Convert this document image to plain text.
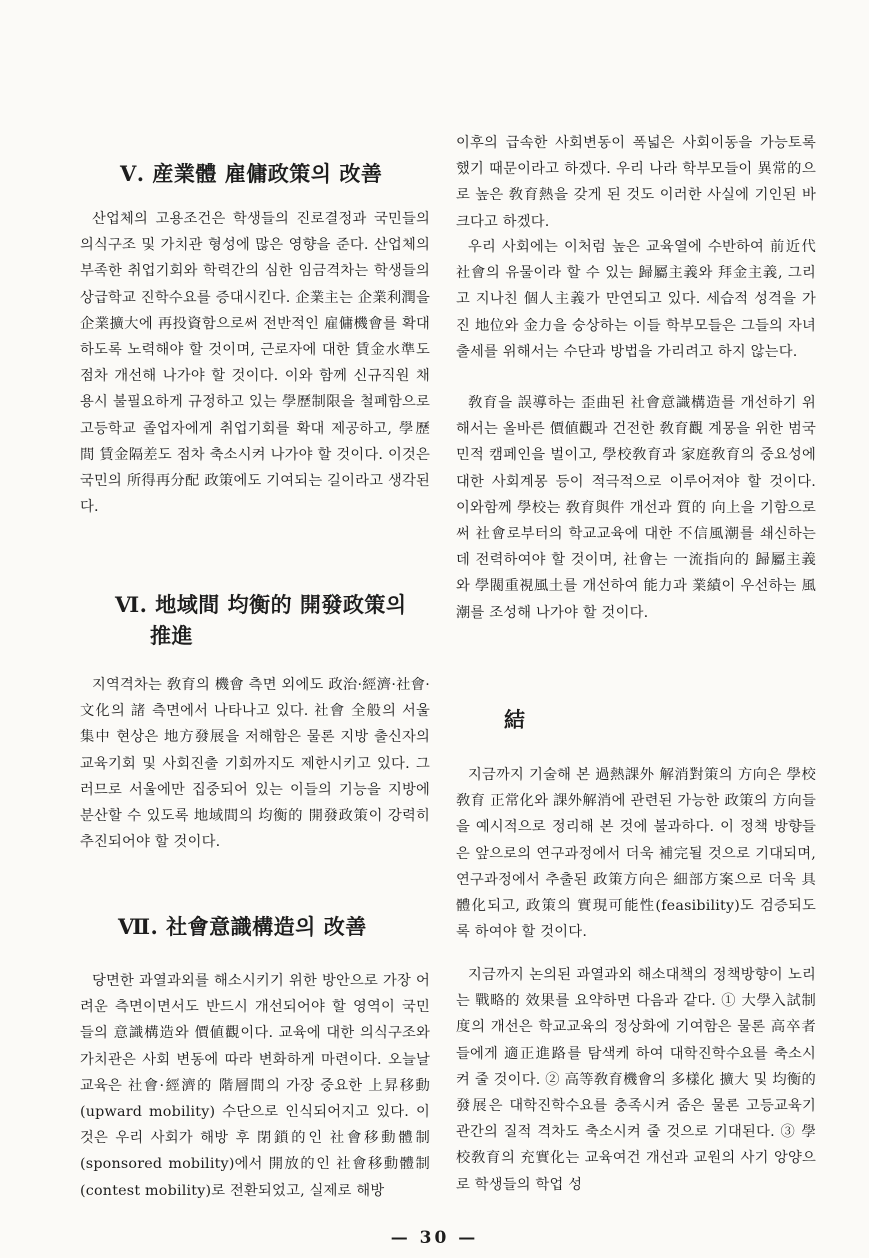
Ⅴ. 産業體 雇傭政策의 改善

산업체의 고용조건은 학생들의 진로결정과 국민들의 의식구조 및 가치관 형성에 많은 영향을 준다. 산업체의 부족한 취업기회와 학력간의 심한 임금격차는 학생들의 상급학교 진학수요를 증대시킨다. 企業主는 企業利潤을 企業擴大에 再投資함으로써 전반적인 雇傭機會를 확대하도록 노력해야 할 것이며, 근로자에 대한 賃金水準도 점차 개선해 나가야 할 것이다. 이와 함께 신규직원 채용시 불필요하게 규정하고 있는 學歷制限을 철폐함으로 고등학교 졸업자에게 취업기회를 확대 제공하고, 學歷間 賃金隔差도 점차 축소시켜 나가야 할 것이다. 이것은 국민의 所得再分配 政策에도 기여되는 길이라고 생각된다.

Ⅵ. 地域間 均衡的 開發政策의
推進

지역격차는 敎育의 機會 측면 외에도 政治·經濟·社會·文化의 諸 측면에서 나타나고 있다. 社會 全般의 서울 集中 현상은 地方發展을 저해함은 물론 지방 출신자의 교육기회 및 사회진출 기회까지도 제한시키고 있다. 그러므로 서울에만 집중되어 있는 이들의 기능을 지방에 분산할 수 있도록 地域間의 均衡的 開發政策이 강력히 추진되어야 할 것이다.

Ⅶ. 社會意識構造의 改善

당면한 과열과외를 해소시키기 위한 방안으로 가장 어려운 측면이면서도 반드시 개선되어야 할 영역이 국민들의 意識構造와 價値觀이다. 교육에 대한 의식구조와 가치관은 사회 변동에 따라 변화하게 마련이다. 오늘날 교육은 社會·經濟的 階層間의 가장 중요한 上昇移動(upward mobility) 수단으로 인식되어지고 있다. 이것은 우리 사회가 해방 후 閉鎖的인 社會移動體制(sponsored mobility)에서 開放的인 社會移動體制(contest mobility)로 전환되었고, 실제로 해방

이후의 급속한 사회변동이 폭넓은 사회이동을 가능토록 했기 때문이라고 하겠다. 우리 나라 학부모들이 異常的으로 높은 敎育熱을 갖게 된 것도 이러한 사실에 기인된 바 크다고 하겠다.

우리 사회에는 이처럼 높은 교육열에 수반하여 前近代社會의 유물이라 할 수 있는 歸屬主義와 拜金主義, 그리고 지나친 個人主義가 만연되고 있다. 세습적 성격을 가진 地位와 金力을 숭상하는 이들 학부모들은 그들의 자녀 출세를 위해서는 수단과 방법을 가리려고 하지 않는다.

敎育을 誤導하는 歪曲된 社會意識構造를 개선하기 위해서는 올바른 價値觀과 건전한 敎育觀 계몽을 위한 범국민적 캠페인을 벌이고, 學校敎育과 家庭敎育의 중요성에 대한 사회계몽 등이 적극적으로 이루어져야 할 것이다. 이와함께 學校는 敎育與件 개선과 質的 向上을 기함으로써 社會로부터의 학교교육에 대한 不信風潮를 쇄신하는데 전력하여야 할 것이며, 社會는 一流指向的 歸屬主義와 學閥重視風土를 개선하여 能力과 業績이 우선하는 風潮를 조성해 나가야 할 것이다.

結

지금까지 기술해 본 過熱課外 解消對策의 方向은 學校敎育 正常化와 課外解消에 관련된 가능한 政策의 方向들을 예시적으로 정리해 본 것에 불과하다. 이 정책 방향들은 앞으로의 연구과정에서 더욱 補完될 것으로 기대되며, 연구과정에서 추출된 政策方向은 細部方案으로 더욱 具體化되고, 政策의 實現可能性(feasibility)도 검증되도록 하여야 할 것이다.

지금까지 논의된 과열과외 해소대책의 정책방향이 노리는 戰略的 效果를 요약하면 다음과 같다. ① 大學入試制度의 개선은 학교교육의 정상화에 기여함은 물론 高卒者들에게 適正進路를 탐색케 하여 대학진학수요를 축소시켜 줄 것이다. ② 高等敎育機會의 多樣化 擴大 및 均衡的 發展은 대학진학수요를 충족시켜 줌은 물론 고등교육기관간의 질적 격차도 축소시켜 줄 것으로 기대된다. ③ 學校敎育의 充實化는 교육여건 개선과 교원의 사기 앙양으로 학생들의 학업 성

— 30 —
